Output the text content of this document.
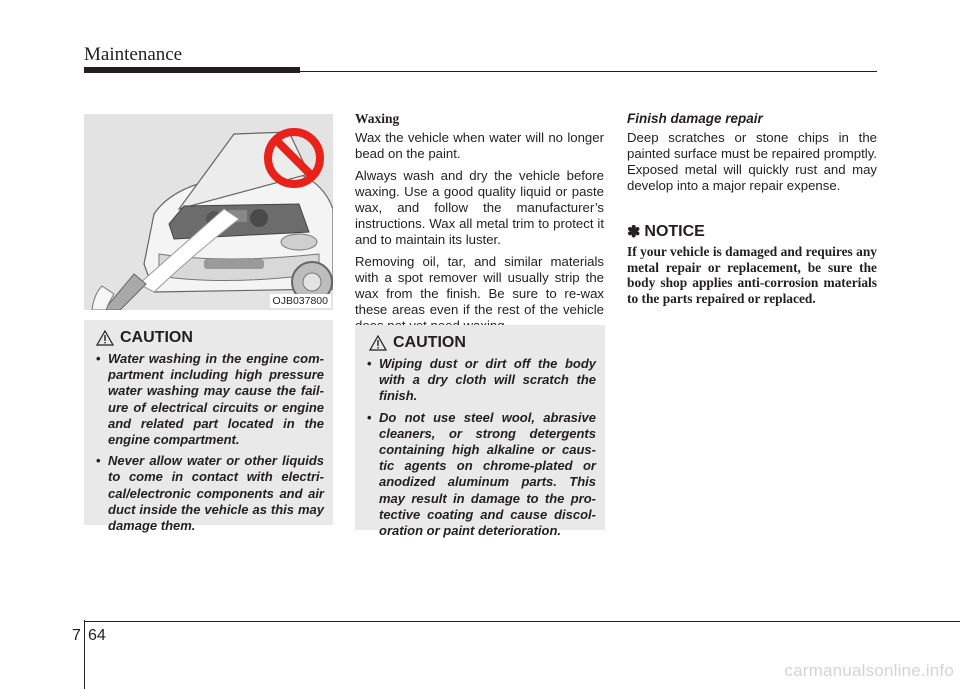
Maintenance
OJB037800
CAUTION
• Water washing in the engine com-partment including high pressure water washing may cause the fail-ure of electrical circuits or engine and related part located in the engine compartment.
• Never allow water or other liquids to come in contact with electri-cal/electronic components and air duct inside the vehicle as this may damage them.

Waxing

Wax the vehicle when water will no longer bead on the paint.

Always wash and dry the vehicle before waxing. Use a good quality liquid or paste wax, and follow the manufacturer’s instructions. Wax all metal trim to protect it and to maintain its luster.

Removing oil, tar, and similar materials with a spot remover will usually strip the wax from the finish. Be sure to re-wax these areas even if the rest of the vehicle

CAUTION
• Wiping dust or dirt off the body with a dry cloth will scratch the finish.
• Do not use steel wool, abrasive cleaners, or strong detergents containing high alkaline or caus-tic agents on chrome-plated or anodized aluminum parts. This may result in damage to the pro-tective coating and cause discol-oration or paint deterioration.

Finish damage repair

Deep scratches or stone chips in the painted surface must be repaired promptly. Exposed metal will quickly rust and may develop into a major repair expense.

✽ NOTICE
If your vehicle is damaged and requires any metal repair or replacement, be sure the body shop applies anti-corrosion materials to the parts repaired or replaced.
7 64
carmanualsonline.info
